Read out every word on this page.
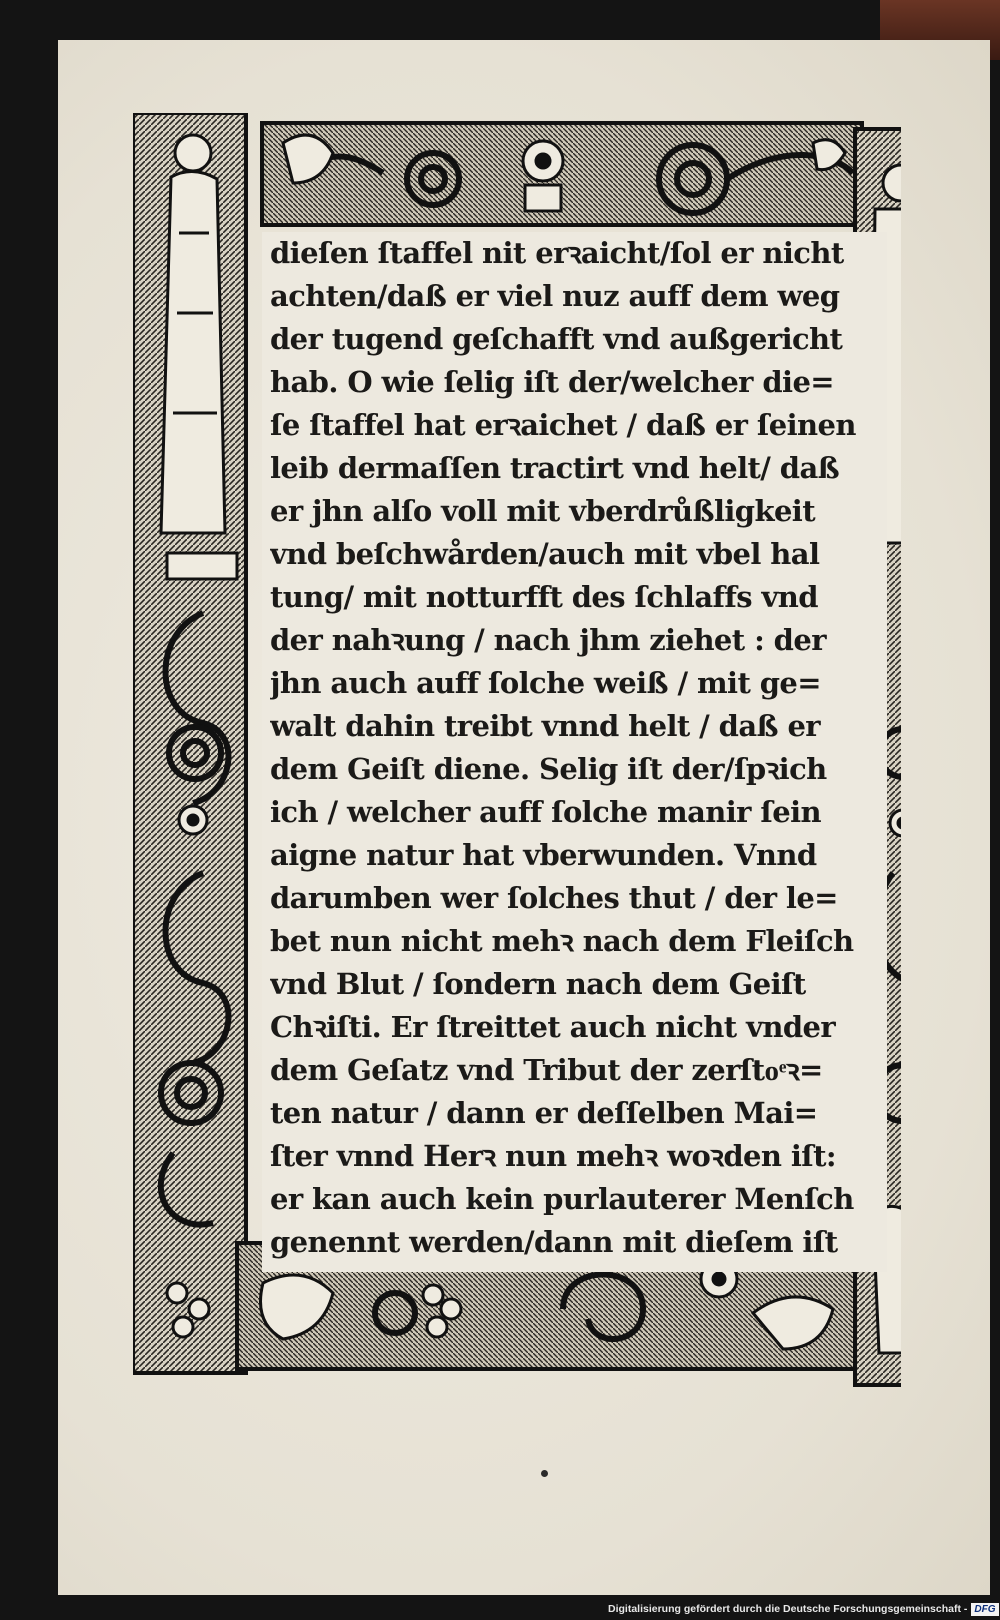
dieſen ſtaffel nit erꝛaicht/ſol er nicht
achten/daß er viel nuz auff dem weg
der tugend geſchafft vnd außgericht
hab. O wie ſelig iſt der/welcher die=
ſe ſtaffel hat erꝛaichet / daß er ſeinen
leib dermaſſen tractirt vnd helt/ daß
er jhn alſo voll mit vberdrůßligkeit
vnd beſchwården/auch mit vbel hal
tung/ mit notturfft des ſchlaffs vnd
der nahꝛung / nach jhm ziehet : der
jhn auch auff ſolche weiß / mit ge=
walt dahin treibt vnnd helt / daß er
dem Geiſt diene. Selig iſt der/ſpꝛich
ich / welcher auff ſolche manir ſein
aigne natur hat vberwunden. Vnnd
darumben wer ſolches thut / der le=
bet nun nicht mehꝛ nach dem Fleiſch
vnd Blut / ſondern nach dem Geiſt
Chꝛiſti. Er ſtreittet auch nicht vnder
dem Geſatz vnd Tribut der zerſtoͤꝛ=
ten natur / dann er deſſelben Mai=
ſter vnnd Herꝛ nun mehꝛ woꝛden iſt:
er kan auch kein purlauterer Menſch
genennt werden/dann mit dieſem iſt
Digitalisierung gefördert durch die Deutsche Forschungsgemeinschaft - DFG
